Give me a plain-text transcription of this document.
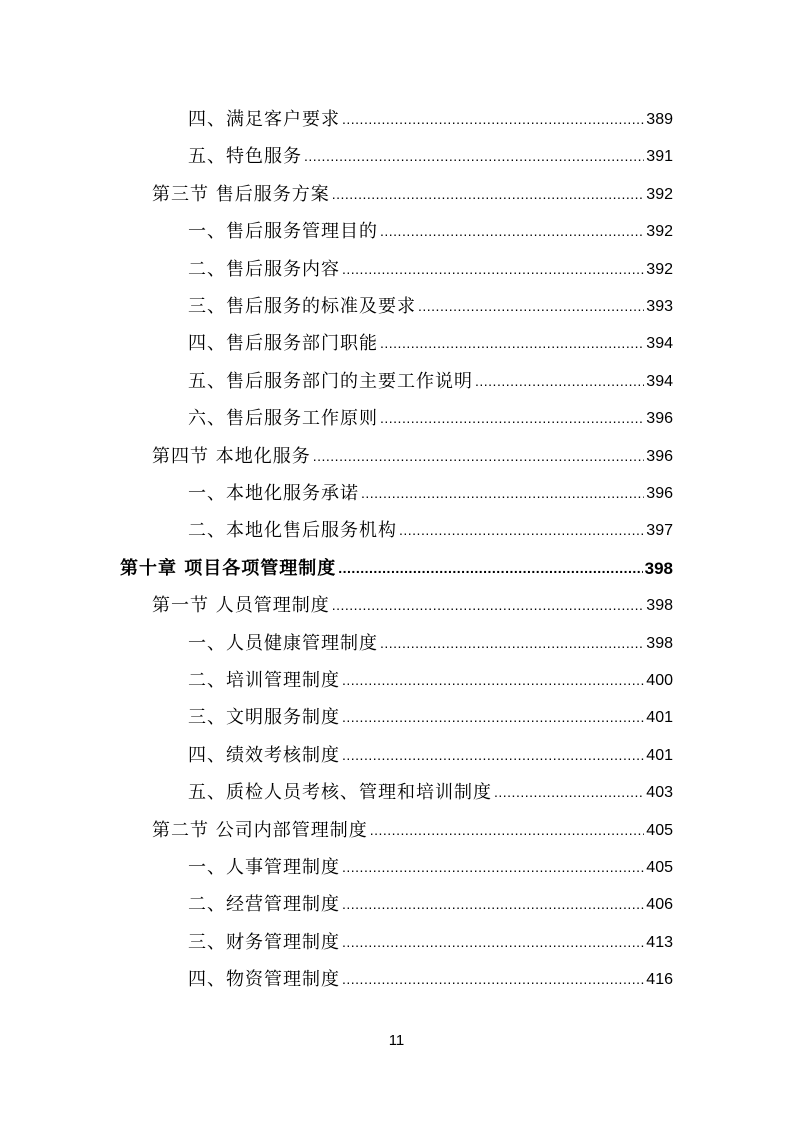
四、满足客户要求 .....	389
五、特色服务 .....	391
第三节 售后服务方案 .....	392
一、售后服务管理目的 .....	392
二、售后服务内容 .....	392
三、售后服务的标准及要求 .....	393
四、售后服务部门职能 .....	394
五、售后服务部门的主要工作说明 .....	394
六、售后服务工作原则 .....	396
第四节 本地化服务 .....	396
一、本地化服务承诺 .....	396
二、本地化售后服务机构 .....	397
第十章 项目各项管理制度 .....	398
第一节 人员管理制度 .....	398
一、人员健康管理制度 .....	398
二、培训管理制度 .....	400
三、文明服务制度 .....	401
四、绩效考核制度 .....	401
五、质检人员考核、管理和培训制度 .....	403
第二节 公司内部管理制度 .....	405
一、人事管理制度 .....	405
二、经营管理制度 .....	406
三、财务管理制度 .....	413
四、物资管理制度 .....	416
11
